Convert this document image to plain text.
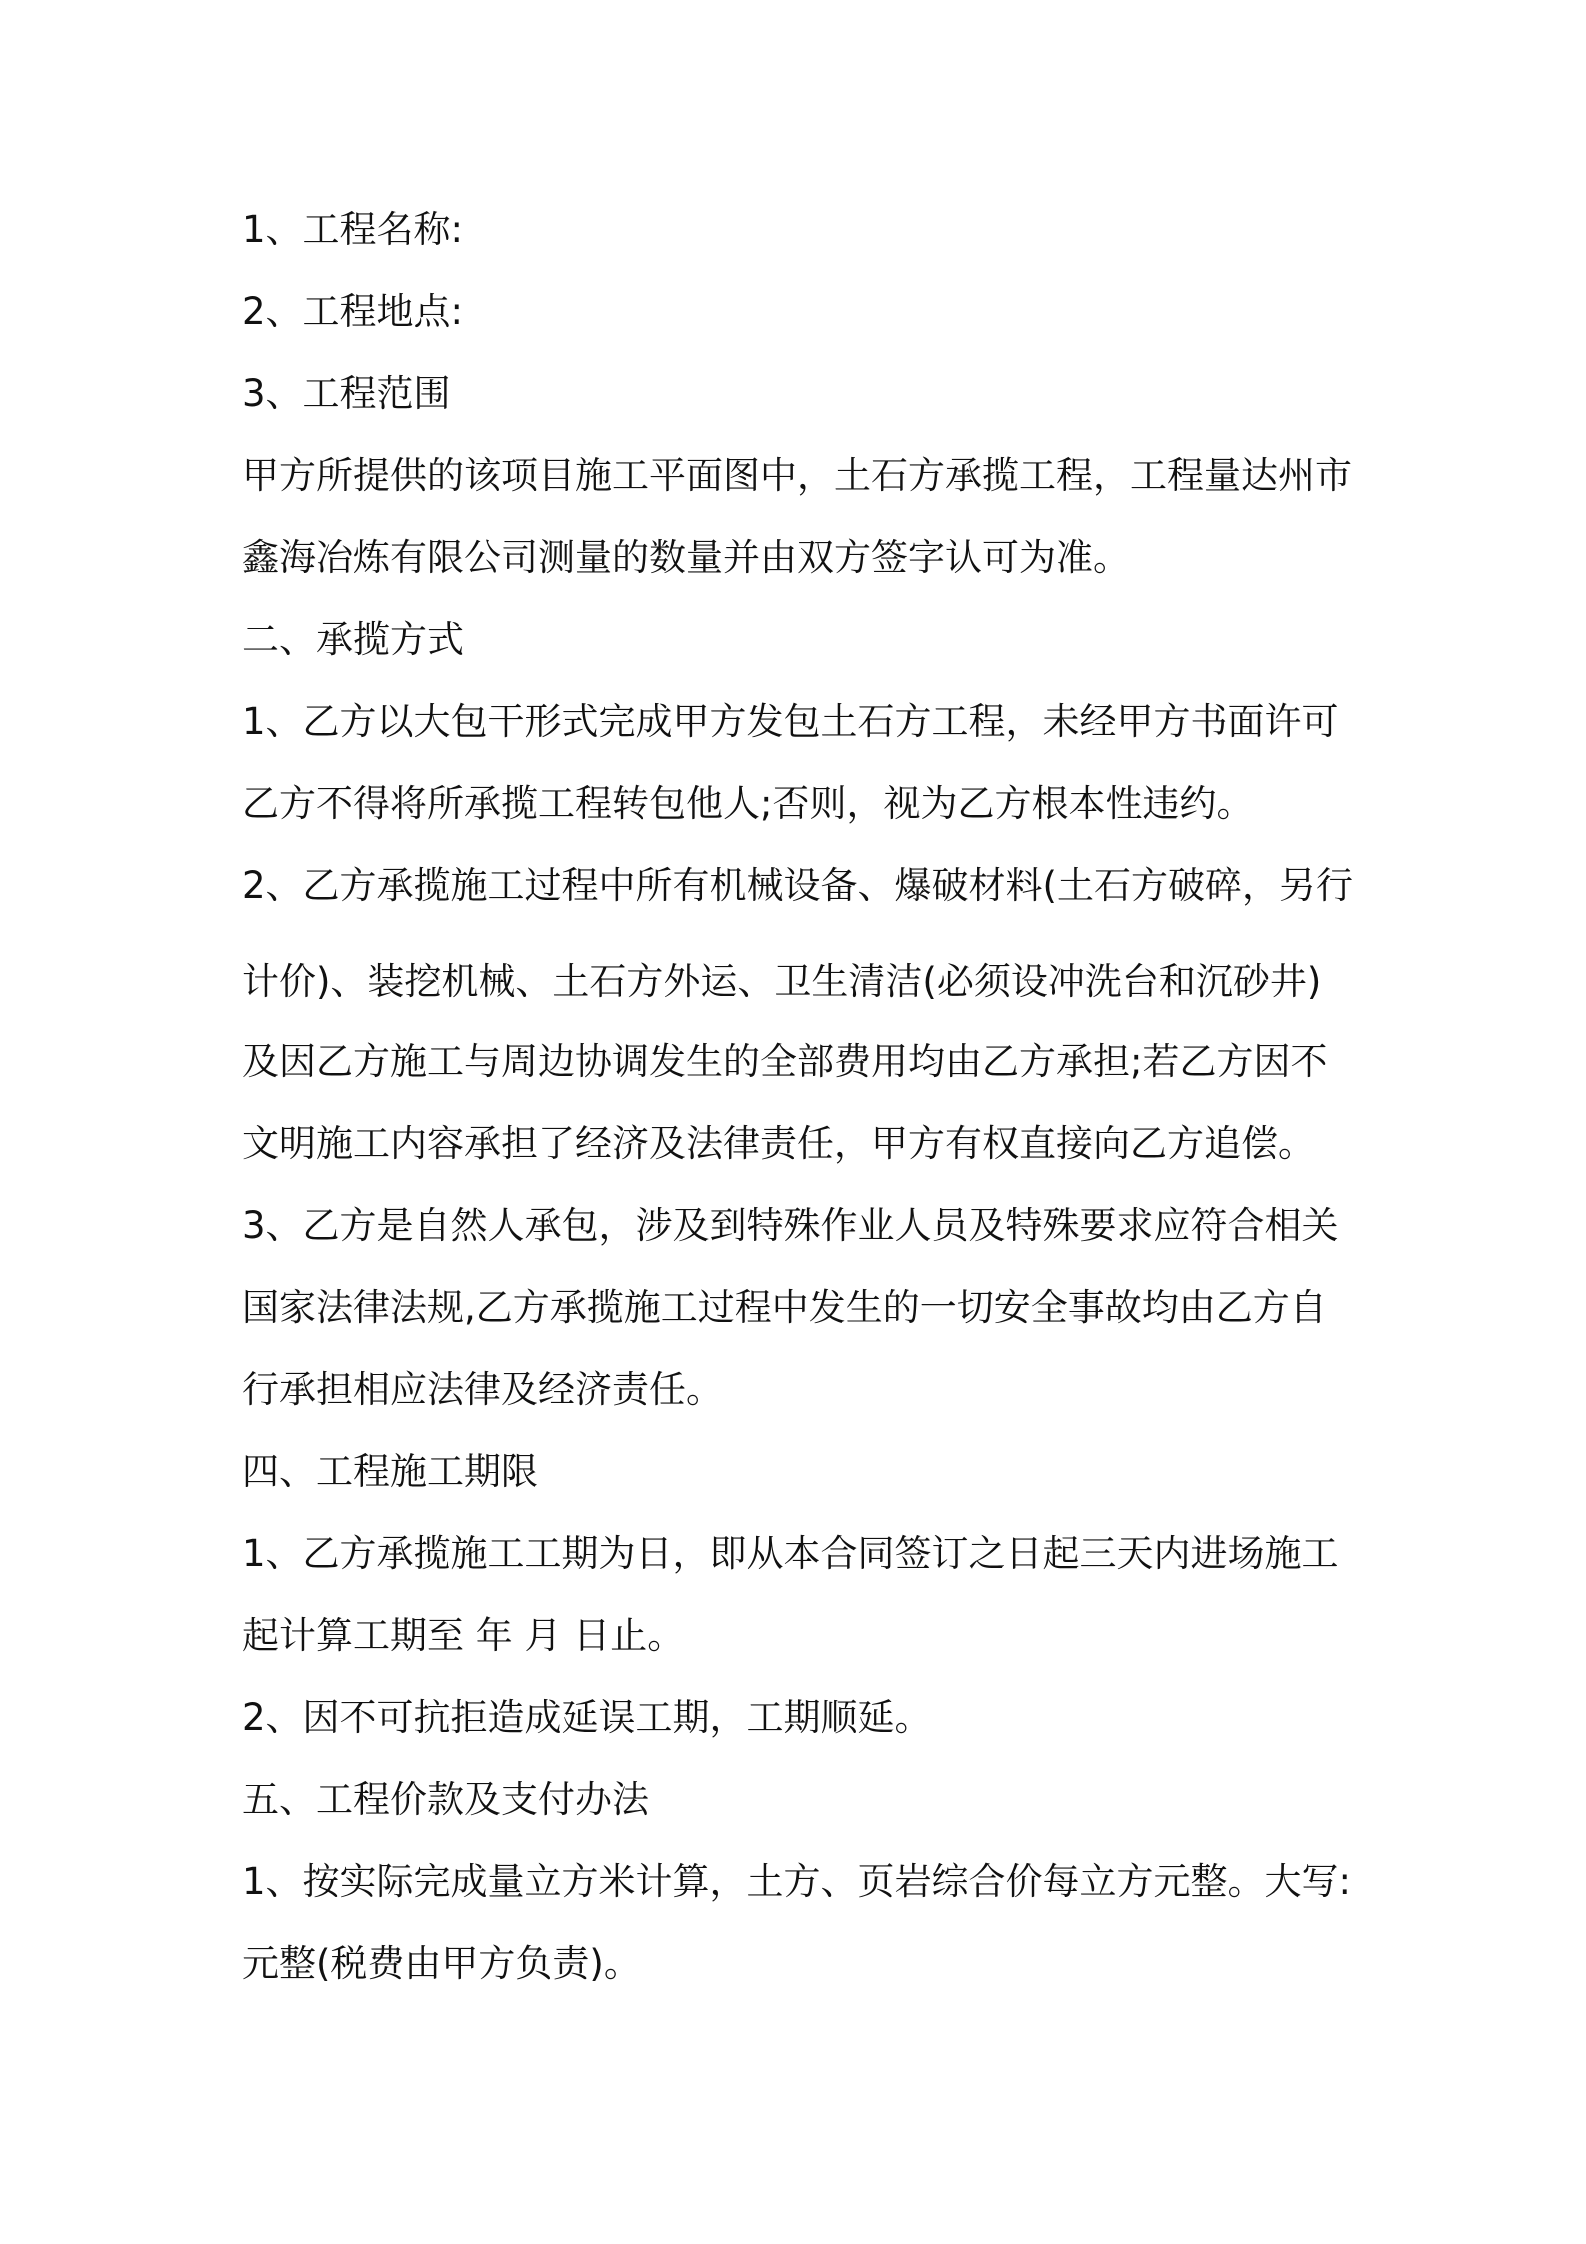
1、工程名称:
2、工程地点:
3、工程范围
甲方所提供的该项目施工平面图中，土石方承揽工程，工程量达州市
鑫海冶炼有限公司测量的数量并由双方签字认可为准。
二、承揽方式
1、乙方以大包干形式完成甲方发包土石方工程，未经甲方书面许可
乙方不得将所承揽工程转包他人;否则，视为乙方根本性违约。
2、乙方承揽施工过程中所有机械设备、爆破材料(土石方破碎，另行
计价)、装挖机械、土石方外运、卫生清洁(必须设冲洗台和沉砂井)
及因乙方施工与周边协调发生的全部费用均由乙方承担;若乙方因不
文明施工内容承担了经济及法律责任，甲方有权直接向乙方追偿。
3、乙方是自然人承包，涉及到特殊作业人员及特殊要求应符合相关
国家法律法规,乙方承揽施工过程中发生的一切安全事故均由乙方自
行承担相应法律及经济责任。
四、工程施工期限
1、乙方承揽施工工期为日，即从本合同签订之日起三天内进场施工
起计算工期至 年 月 日止。
2、因不可抗拒造成延误工期，工期顺延。
五、工程价款及支付办法
1、按实际完成量立方米计算，土方、页岩综合价每立方元整。大写:
元整(税费由甲方负责)。
